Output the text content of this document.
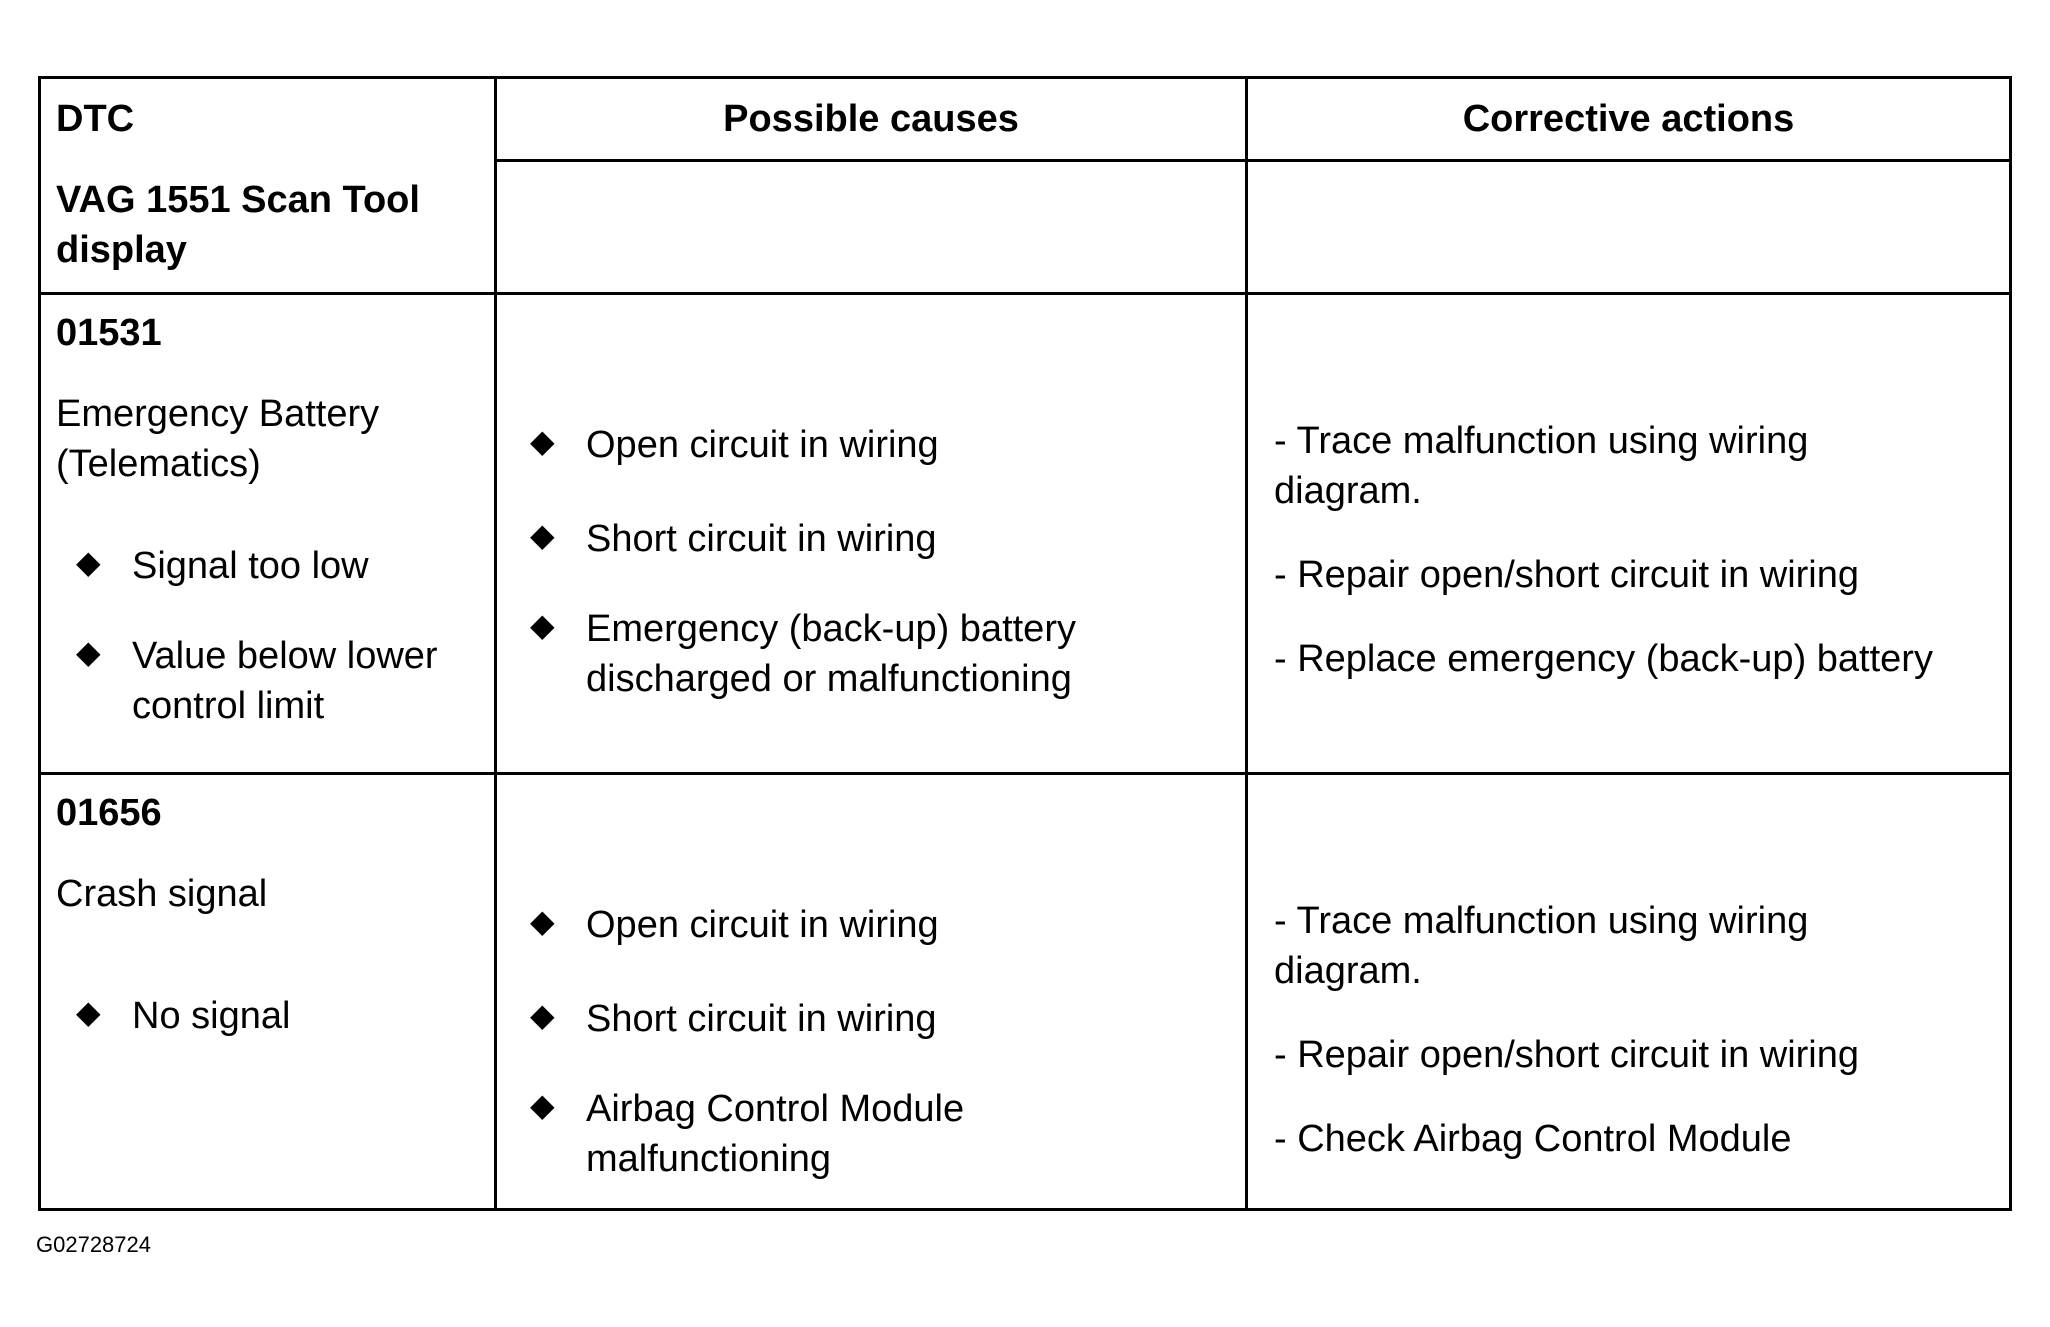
DTC
VAG 1551 Scan Tool display
Possible causes	Corrective actions
01531
Emergency Battery (Telematics)
◆ Signal too low
◆ Value below lower control limit
◆ Open circuit in wiring
◆ Short circuit in wiring
◆ Emergency (back-up) battery discharged or malfunctioning
- Trace malfunction using wiring diagram.
- Repair open/short circuit in wiring
- Replace emergency (back-up) battery
01656
Crash signal
◆ No signal
◆ Open circuit in wiring
◆ Short circuit in wiring
◆ Airbag Control Module malfunctioning
- Trace malfunction using wiring diagram.
- Repair open/short circuit in wiring
- Check Airbag Control Module
G02728724
